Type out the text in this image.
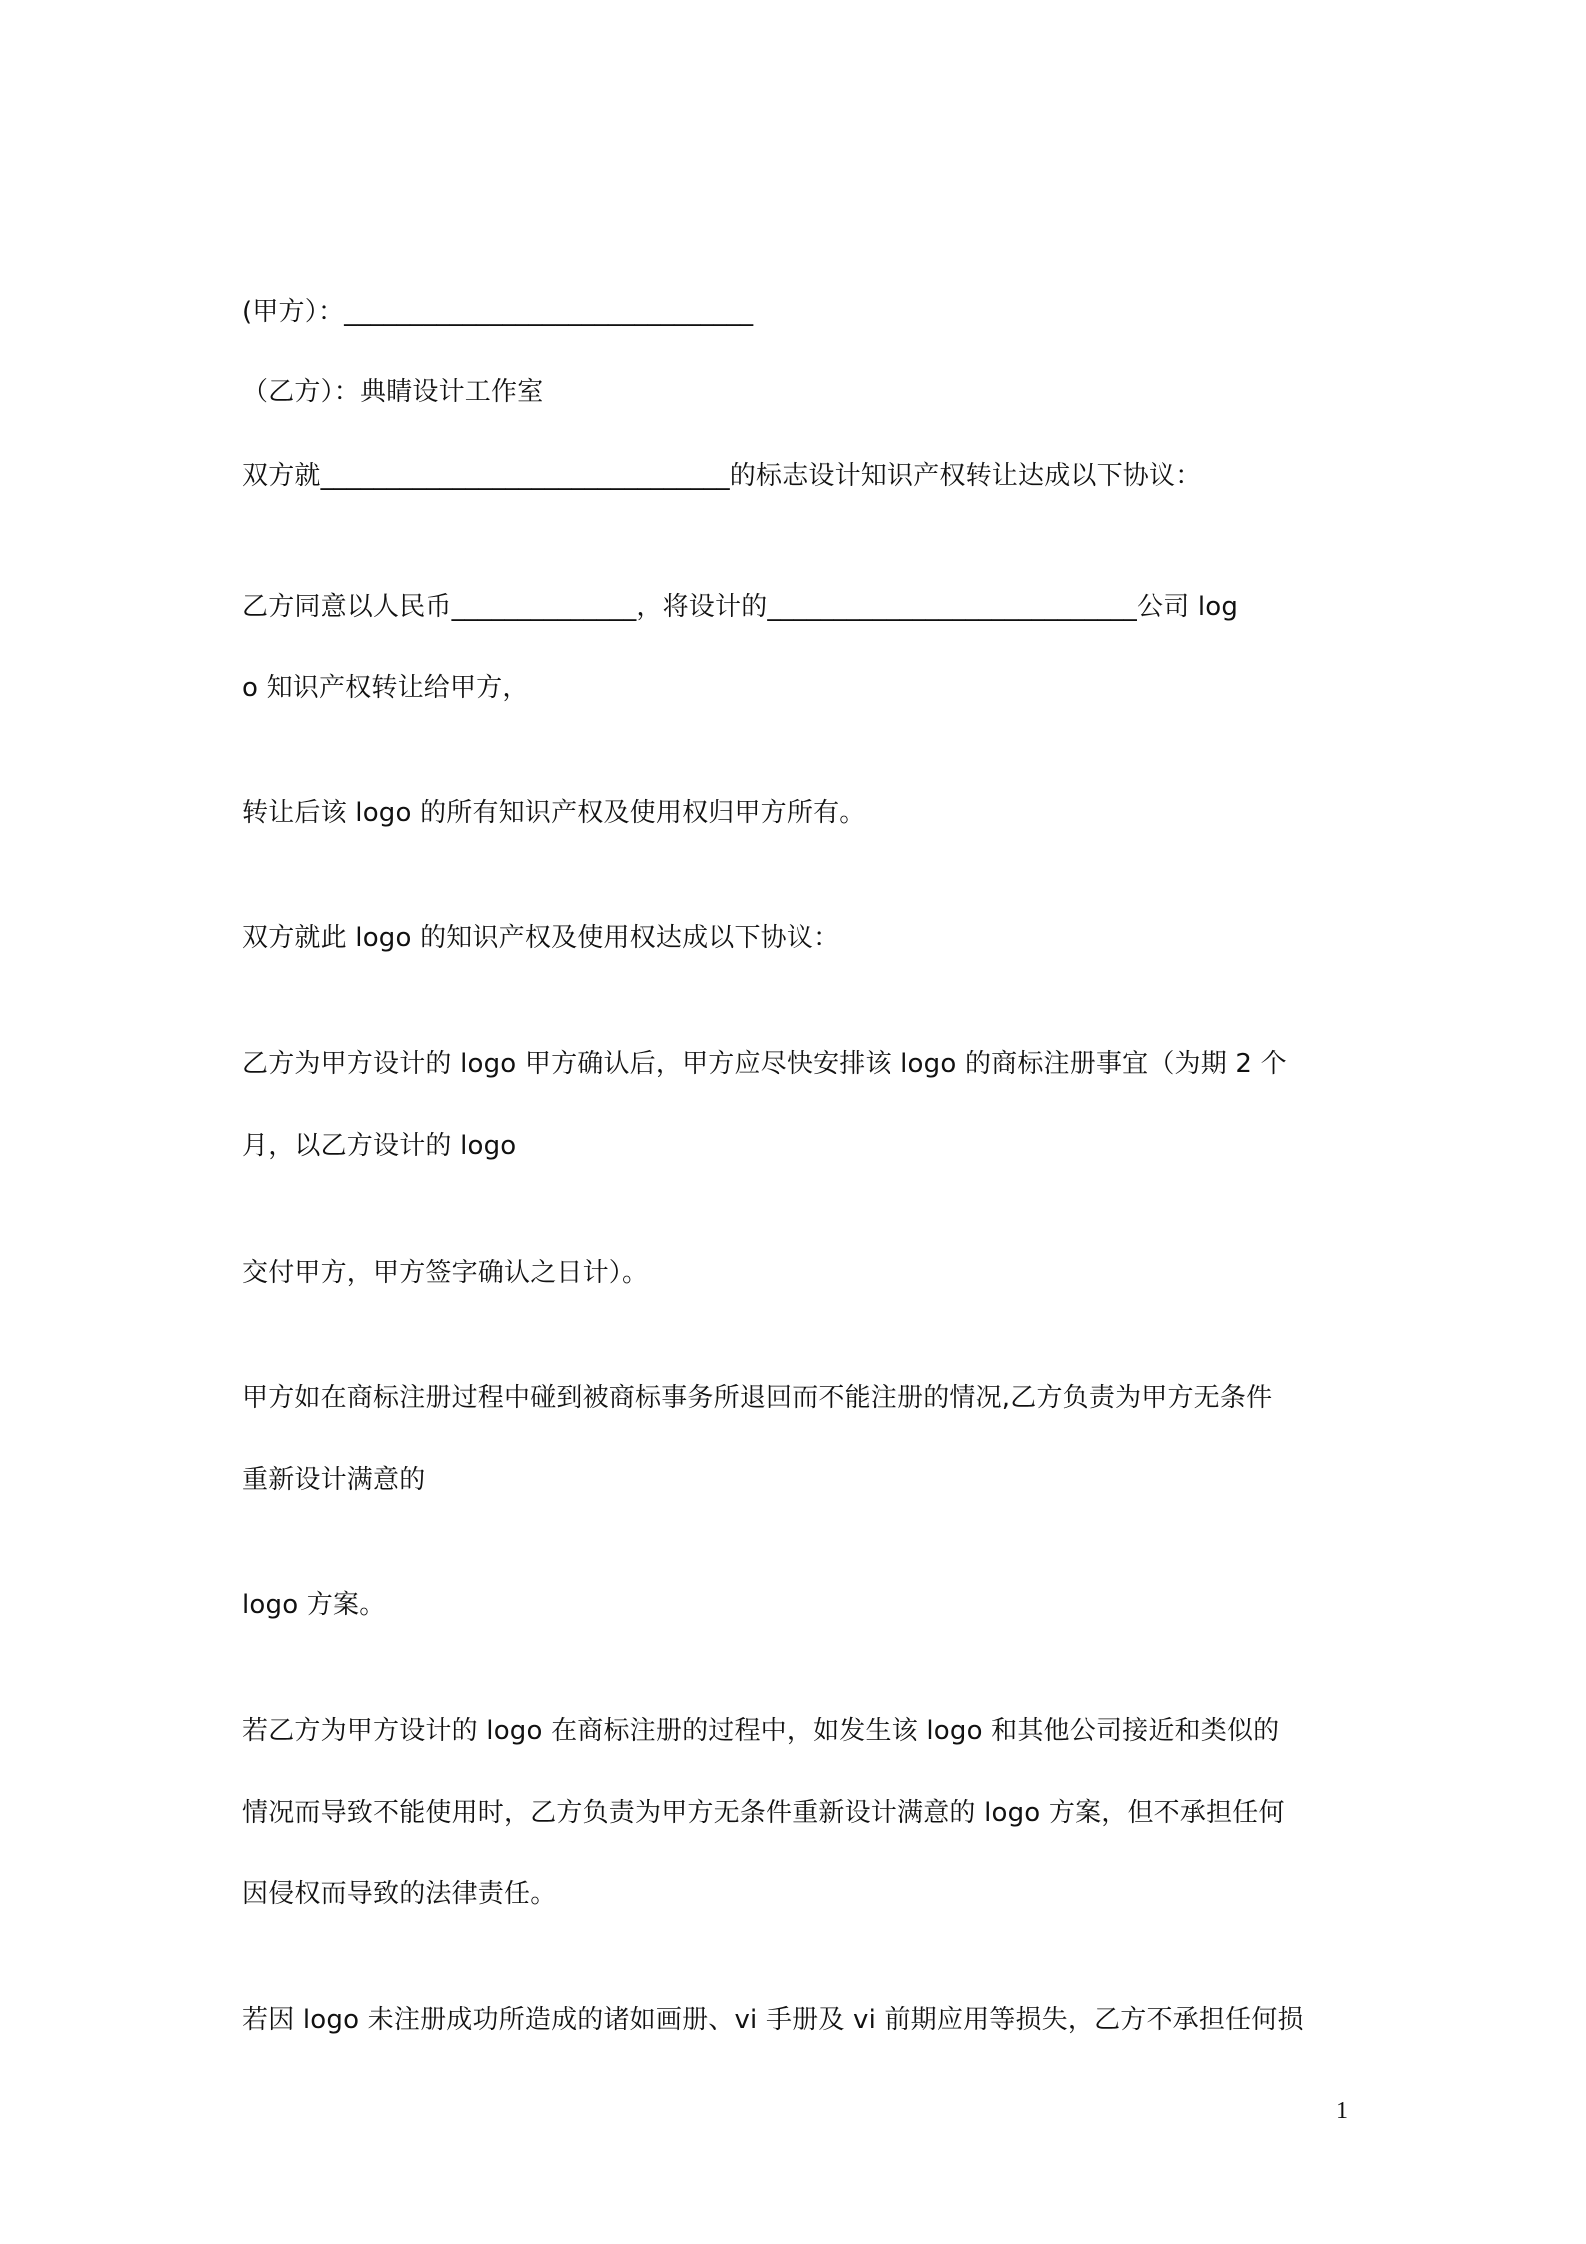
(甲方）：_______________________________
（乙方）：典睛设计工作室
双方就_______________________________的标志设计知识产权转让达成以下协议：
乙方同意以人民币______________，将设计的____________________________公司 log
o 知识产权转让给甲方，
转让后该 logo 的所有知识产权及使用权归甲方所有。
双方就此 logo 的知识产权及使用权达成以下协议：
乙方为甲方设计的 logo 甲方确认后，甲方应尽快安排该 logo 的商标注册事宜（为期 2 个
月，以乙方设计的 logo
交付甲方，甲方签字确认之日计）。
甲方如在商标注册过程中碰到被商标事务所退回而不能注册的情况,乙方负责为甲方无条件
重新设计满意的
logo 方案。
若乙方为甲方设计的 logo 在商标注册的过程中，如发生该 logo 和其他公司接近和类似的
情况而导致不能使用时，乙方负责为甲方无条件重新设计满意的 logo 方案，但不承担任何
因侵权而导致的法律责任。
若因 logo 未注册成功所造成的诸如画册、vi 手册及 vi 前期应用等损失，乙方不承担任何损
1
